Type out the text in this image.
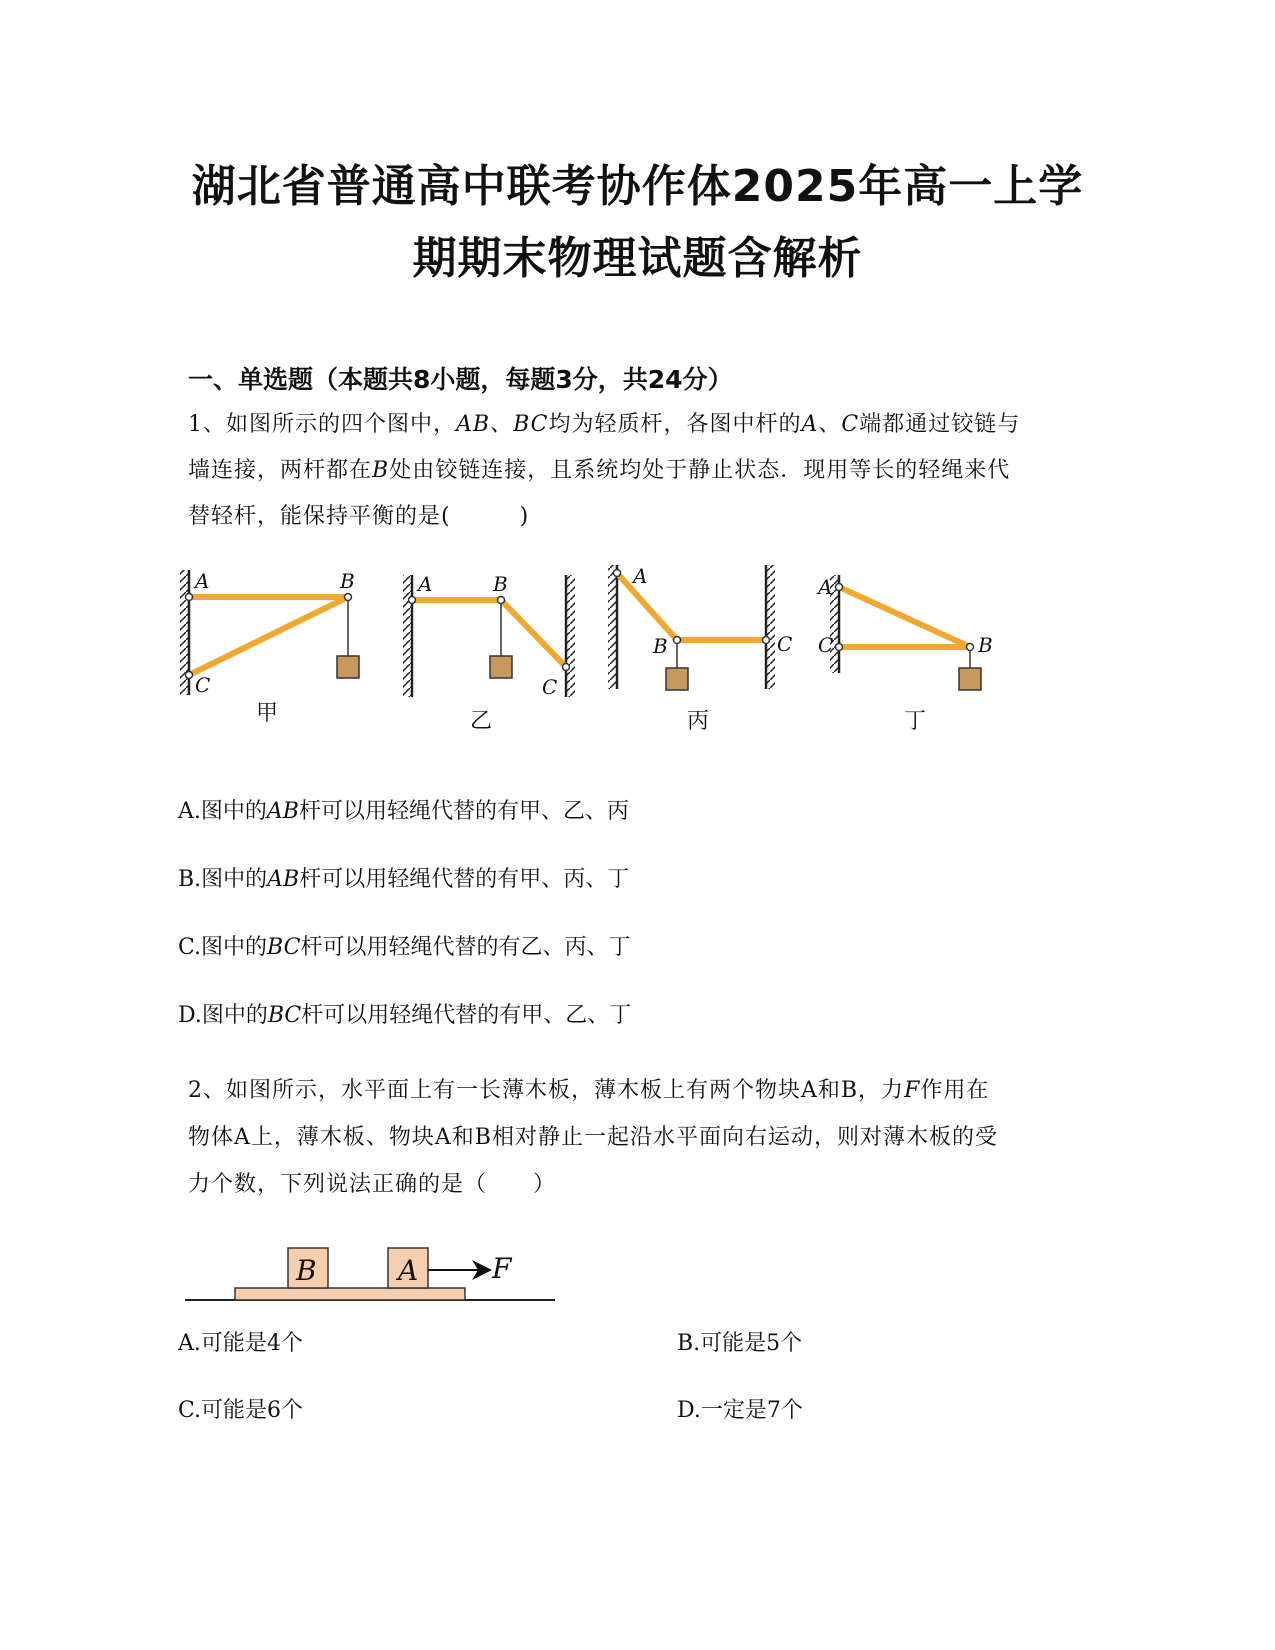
湖北省普通高中联考协作体2025年高一上学
期期末物理试题含解析
一、单选题（本题共8小题，每题3分，共24分）

1、如图所示的四个图中，AB、BC均为轻质杆，各图中杆的A、C端都通过铰链与

墙连接，两杆都在B处由铰链连接，且系统均处于静止状态．现用等长的轻绳来代

替轻杆，能保持平衡的是(　　　)

A	B
C
甲
A	B
C
乙
A
B	C
丙
A
B
C
丁

A.图中的AB杆可以用轻绳代替的有甲、乙、丙

B.图中的AB杆可以用轻绳代替的有甲、丙、丁

C.图中的BC杆可以用轻绳代替的有乙、丙、丁

D.图中的BC杆可以用轻绳代替的有甲、乙、丁

2、如图所示，水平面上有一长薄木板，薄木板上有两个物块A和B，力F作用在

物体A上，薄木板、物块A和B相对静止一起沿水平面向右运动，则对薄木板的受

力个数，下列说法正确的是（　　）

B	A	F

A.可能是4个	B.可能是5个

C.可能是6个	D.一定是7个
